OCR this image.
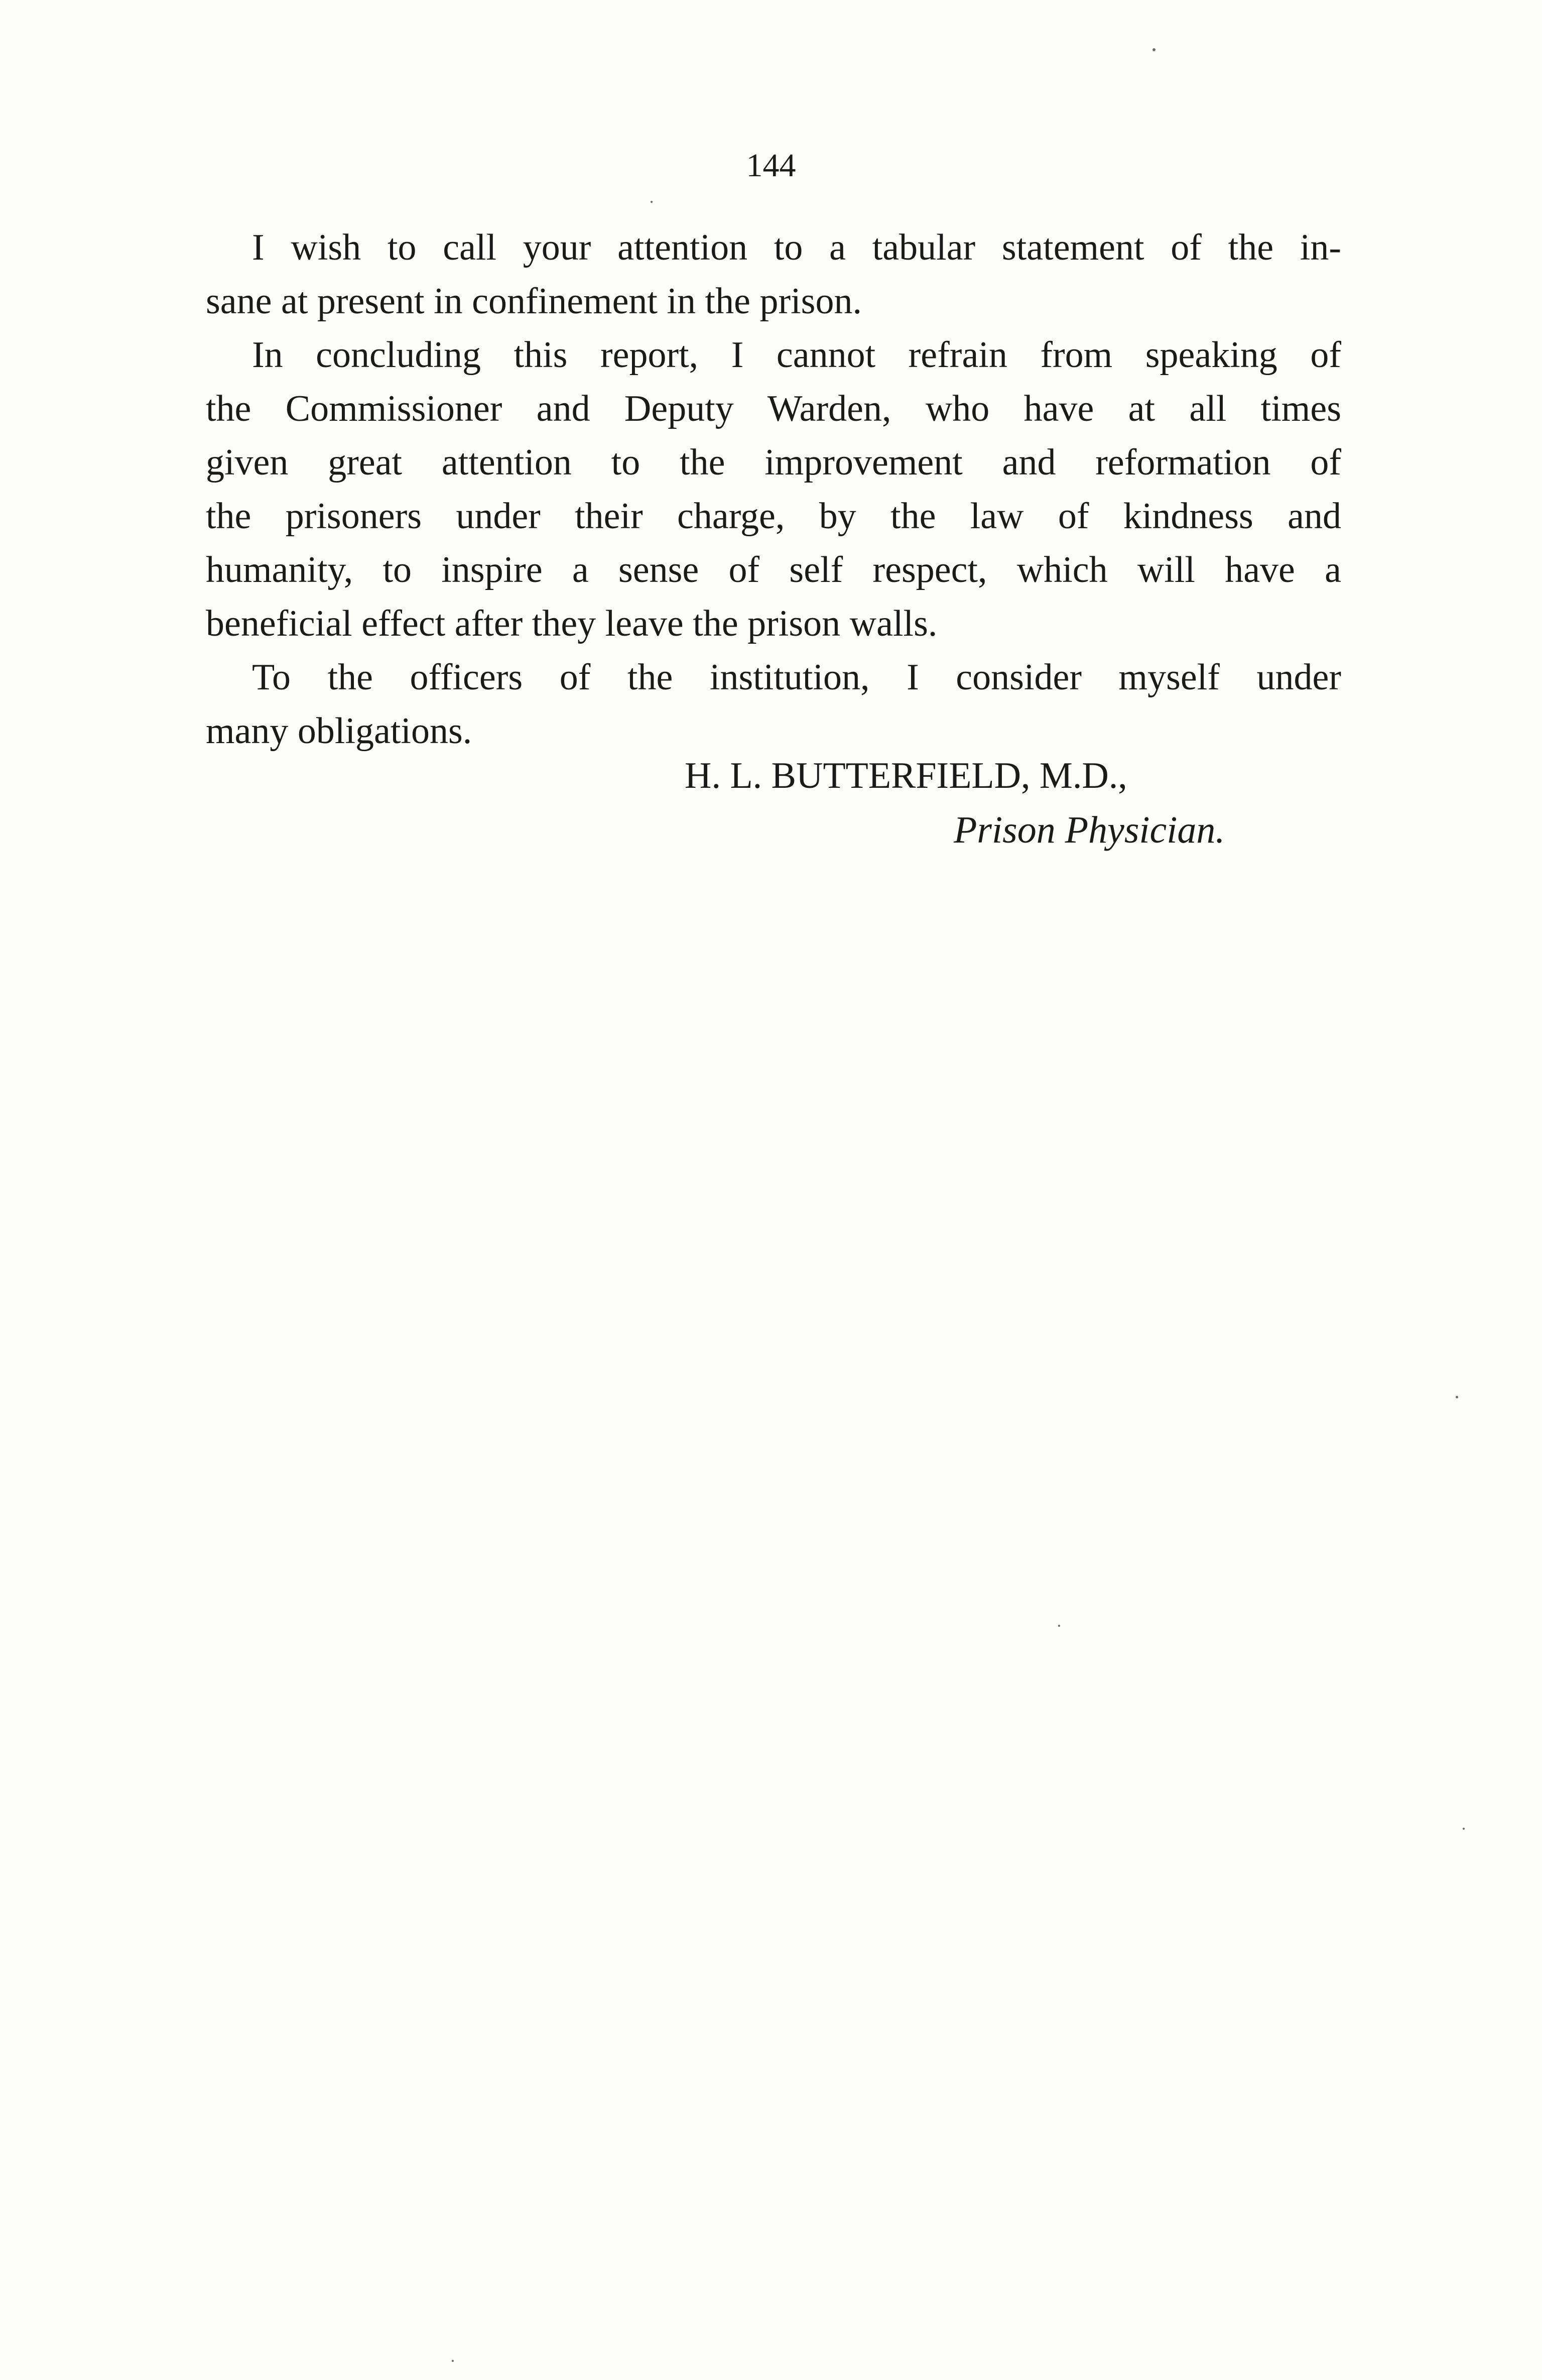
144
I wish to call your attention to a tabular statement of the in-
sane at present in confinement in the prison.
In concluding this report, I cannot refrain from speaking of
the Commissioner and Deputy Warden, who have at all times
given great attention to the improvement and reformation of
the prisoners under their charge, by the law of kindness and
humanity, to inspire a sense of self respect, which will have a
beneficial effect after they leave the prison walls.
To the officers of the institution, I consider myself under
many obligations.
H. L. BUTTERFIELD, M.D.,
Prison Physician.
